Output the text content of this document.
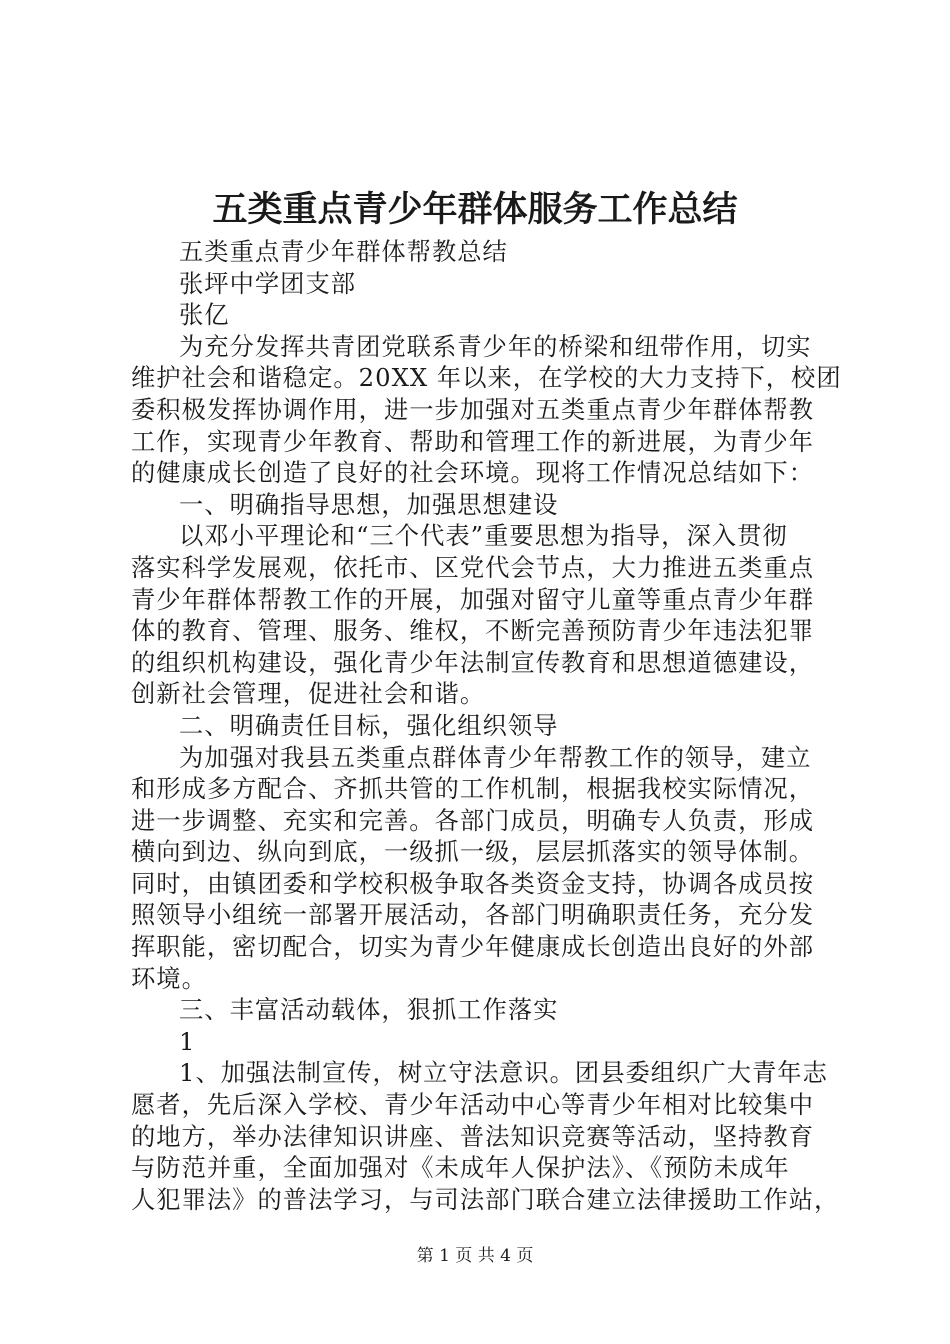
五类重点青少年群体服务工作总结
五类重点青少年群体帮教总结
张坪中学团支部
张亿
为充分发挥共青团党联系青少年的桥梁和纽带作用，切实
维护社会和谐稳定。20XX 年以来，在学校的大力支持下，校团
委积极发挥协调作用，进一步加强对五类重点青少年群体帮教
工作，实现青少年教育、帮助和管理工作的新进展，为青少年
的健康成长创造了良好的社会环境。现将工作情况总结如下：
一、明确指导思想，加强思想建设
以邓小平理论和“三个代表”重要思想为指导，深入贯彻
落实科学发展观，依托市、区党代会节点，大力推进五类重点
青少年群体帮教工作的开展，加强对留守儿童等重点青少年群
体的教育、管理、服务、维权，不断完善预防青少年违法犯罪
的组织机构建设，强化青少年法制宣传教育和思想道德建设，
创新社会管理，促进社会和谐。
二、明确责任目标，强化组织领导
为加强对我县五类重点群体青少年帮教工作的领导，建立
和形成多方配合、齐抓共管的工作机制，根据我校实际情况，
进一步调整、充实和完善。各部门成员，明确专人负责，形成
横向到边、纵向到底，一级抓一级，层层抓落实的领导体制。
同时，由镇团委和学校积极争取各类资金支持，协调各成员按
照领导小组统一部署开展活动，各部门明确职责任务，充分发
挥职能，密切配合，切实为青少年健康成长创造出良好的外部
环境。
三、丰富活动载体，狠抓工作落实
1
1、加强法制宣传，树立守法意识。团县委组织广大青年志
愿者，先后深入学校、青少年活动中心等青少年相对比较集中
的地方，举办法律知识讲座、普法知识竞赛等活动，坚持教育
与防范并重，全面加强对《未成年人保护法》、《预防未成年
人犯罪法》的普法学习，与司法部门联合建立法律援助工作站，
第 1 页 共 4 页
